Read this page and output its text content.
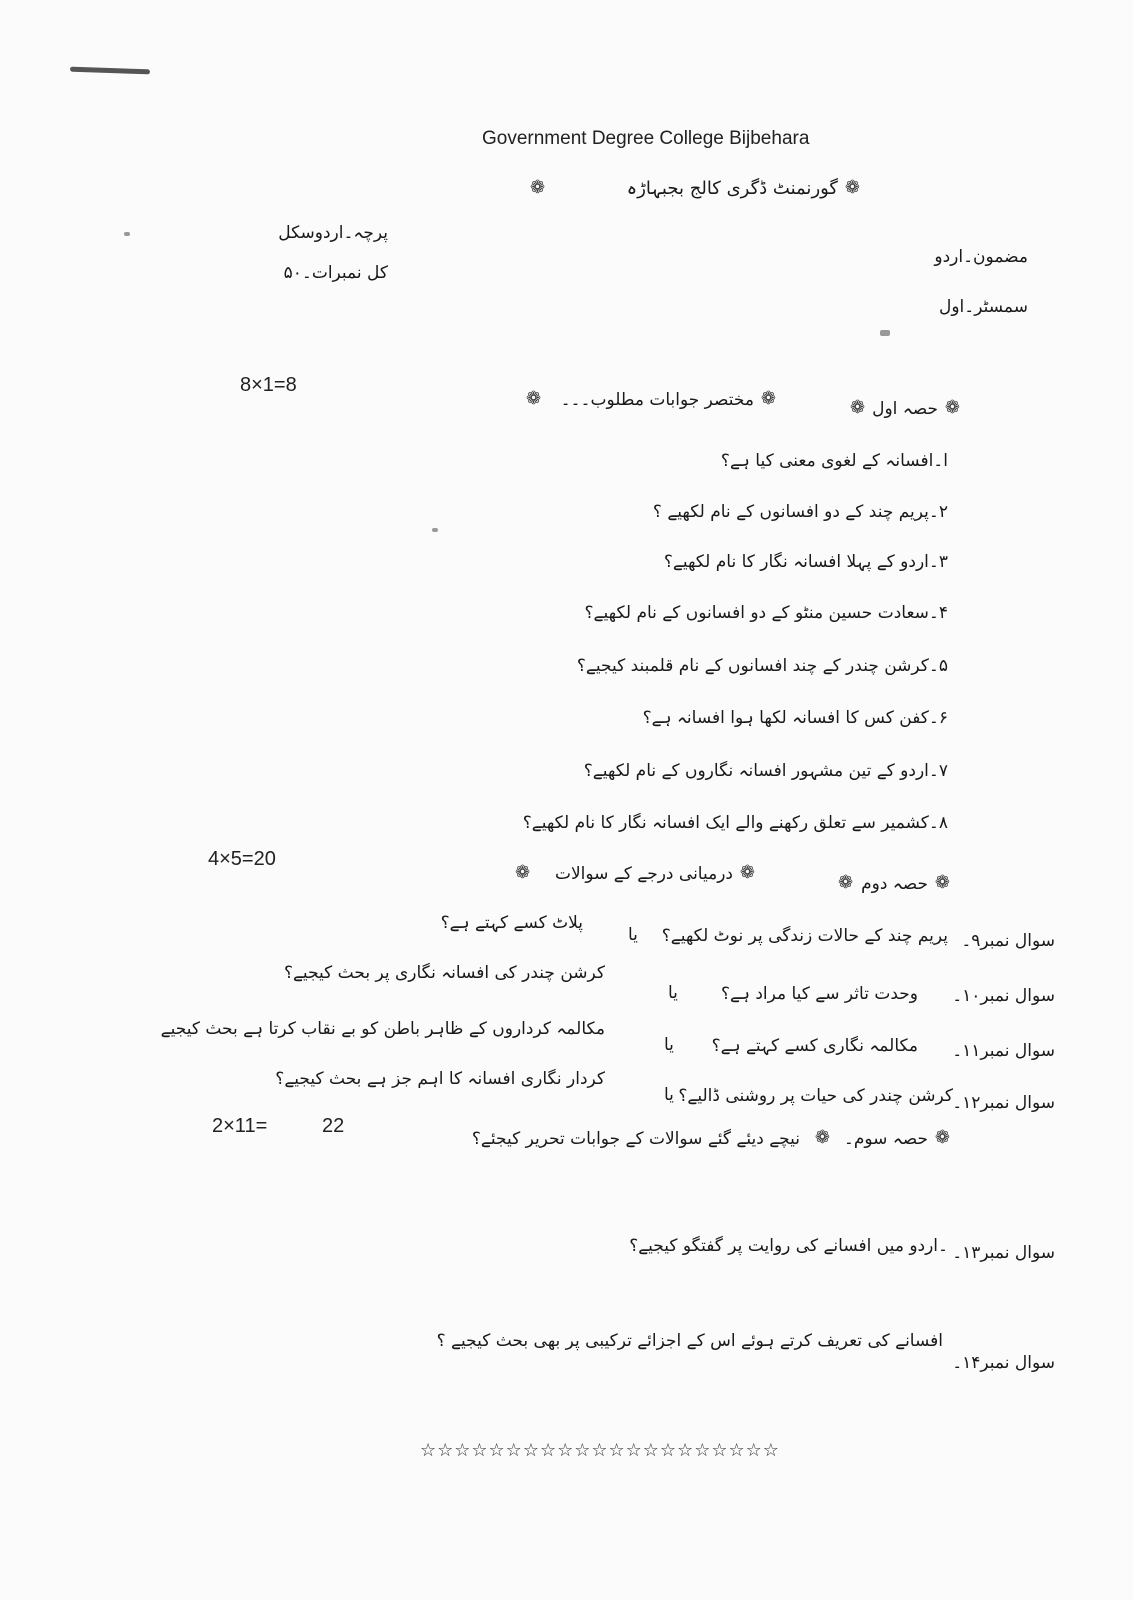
Government Degree College Bijbehara
❁	گورنمنٹ ڈگری کالج بجبہاڑہ ❁
پرچہ۔اردوسکل
کل نمبرات۔۵۰
مضمون۔اردو
سمسٹر۔اول
8×1=8
❁ مختصر جوابات مطلوب۔۔۔ ❁	❁ حصہ اول ❁
ا۔افسانہ کے لغوی معنی کیا ہے؟
۲۔پریم چند کے دو افسانوں کے نام لکھیے ؟
۳۔اردو کے پہلا افسانہ نگار کا نام لکھیے؟
۴۔سعادت حسین منٹو کے دو افسانوں کے نام لکھیے؟
۵۔کرشن چندر کے چند افسانوں کے نام قلمبند کیجیے؟
۶۔کفن کس کا افسانہ لکھا ہوا افسانہ ہے؟
۷۔اردو کے تین مشہور افسانہ نگاروں کے نام لکھیے؟
۸۔کشمیر سے تعلق رکھنے والے ایک افسانہ نگار کا نام لکھیے؟
4×5=20
❁ درمیانی درجے کے سوالات ❁	❁ حصہ دوم ❁
سوال نمبر۹۔
پریم چند کے حالات زندگی پر نوٹ لکھیے؟
یا
پلاٹ کسے کہتے ہے؟
سوال نمبر۱۰۔
وحدت تاثر سے کیا مراد ہے؟
یا
کرشن چندر کی افسانہ نگاری پر بحث کیجیے؟
سوال نمبر۱۱۔
مکالمہ نگاری کسے کہتے ہے؟
یا
مکالمہ کرداروں کے ظاہر باطن کو بے نقاب کرتا ہے بحث کیجیے
سوال نمبر۱۲۔
کرشن چندر کی حیات پر روشنی ڈالیے؟
یا
کردار نگاری افسانہ کا اہم جز ہے بحث کیجیے؟
2×11=	22
نیچے دیئے گئے سوالات کے جوابات تحریر کیجئے؟ ❁ حصہ سوم۔ ❁
سوال نمبر۱۳۔
۔اردو میں افسانے کی روایت پر گفتگو کیجیے؟
سوال نمبر۱۴۔
افسانے کی تعریف کرتے ہوئے اس کے اجزائے ترکیبی پر بھی بحث کیجیے ؟
☆☆☆☆☆☆☆☆☆☆☆☆☆☆☆☆☆☆☆☆☆
